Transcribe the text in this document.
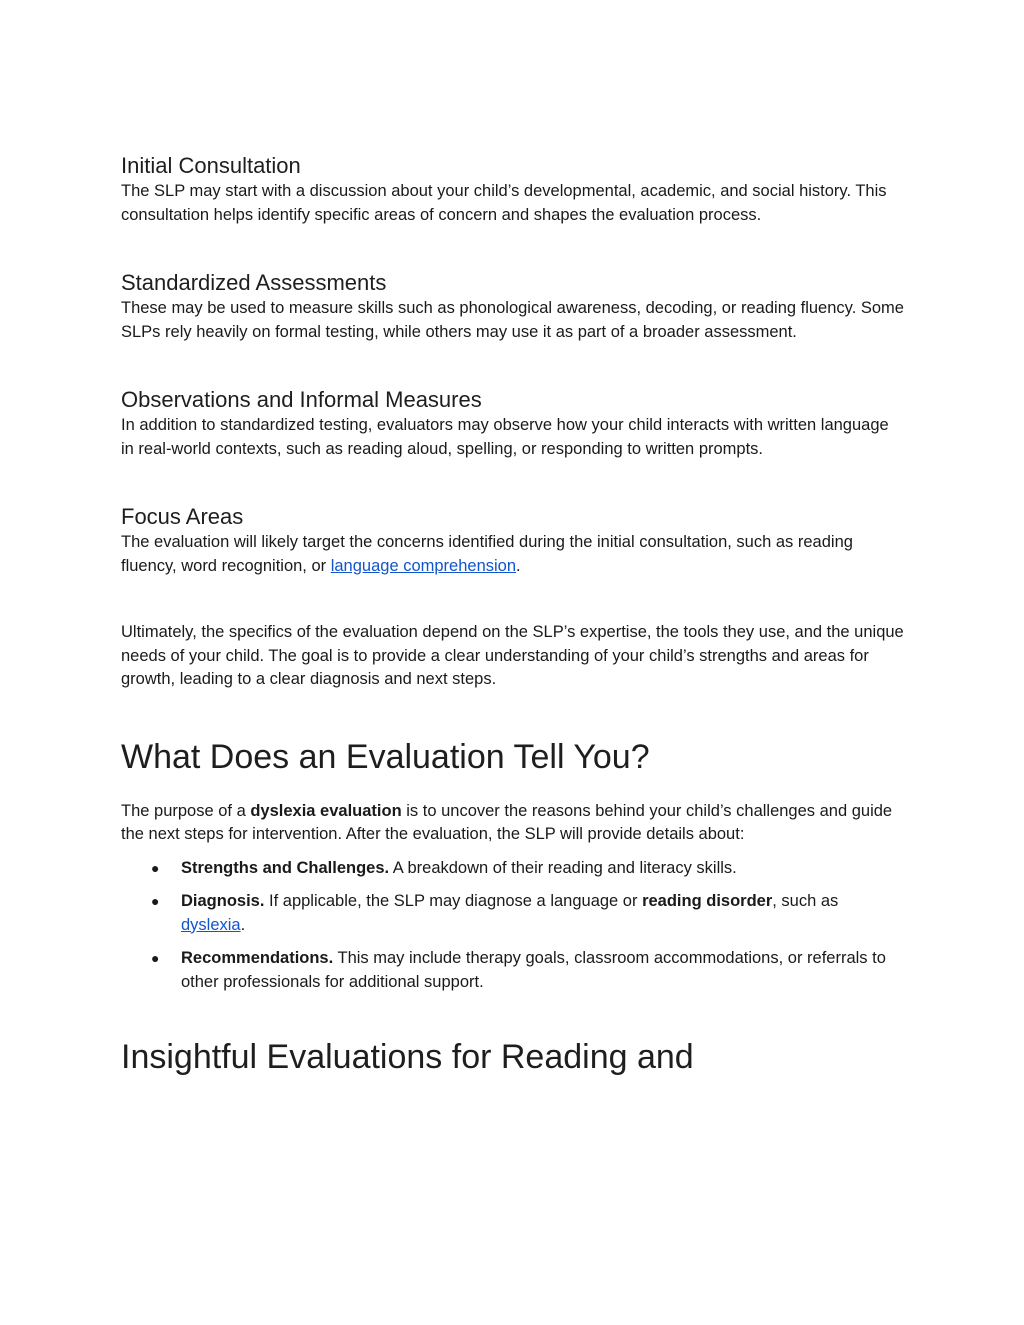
Initial Consultation

The SLP may start with a discussion about your child’s developmental, academic, and social history. This consultation helps identify specific areas of concern and shapes the evaluation process.

Standardized Assessments

These may be used to measure skills such as phonological awareness, decoding, or reading fluency. Some SLPs rely heavily on formal testing, while others may use it as part of a broader assessment.

Observations and Informal Measures

In addition to standardized testing, evaluators may observe how your child interacts with written language in real-world contexts, such as reading aloud, spelling, or responding to written prompts.

Focus Areas

The evaluation will likely target the concerns identified during the initial consultation, such as reading fluency, word recognition, or language comprehension.

Ultimately, the specifics of the evaluation depend on the SLP’s expertise, the tools they use, and the unique needs of your child. The goal is to provide a clear understanding of your child’s strengths and areas for growth, leading to a clear diagnosis and next steps.

What Does an Evaluation Tell You?

The purpose of a dyslexia evaluation is to uncover the reasons behind your child’s challenges and guide the next steps for intervention. After the evaluation, the SLP will provide details about:

● Strengths and Challenges. A breakdown of their reading and literacy skills.
● Diagnosis. If applicable, the SLP may diagnose a language or reading disorder, such as dyslexia.
● Recommendations. This may include therapy goals, classroom accommodations, or referrals to other professionals for additional support.
Insightful Evaluations for Reading and
